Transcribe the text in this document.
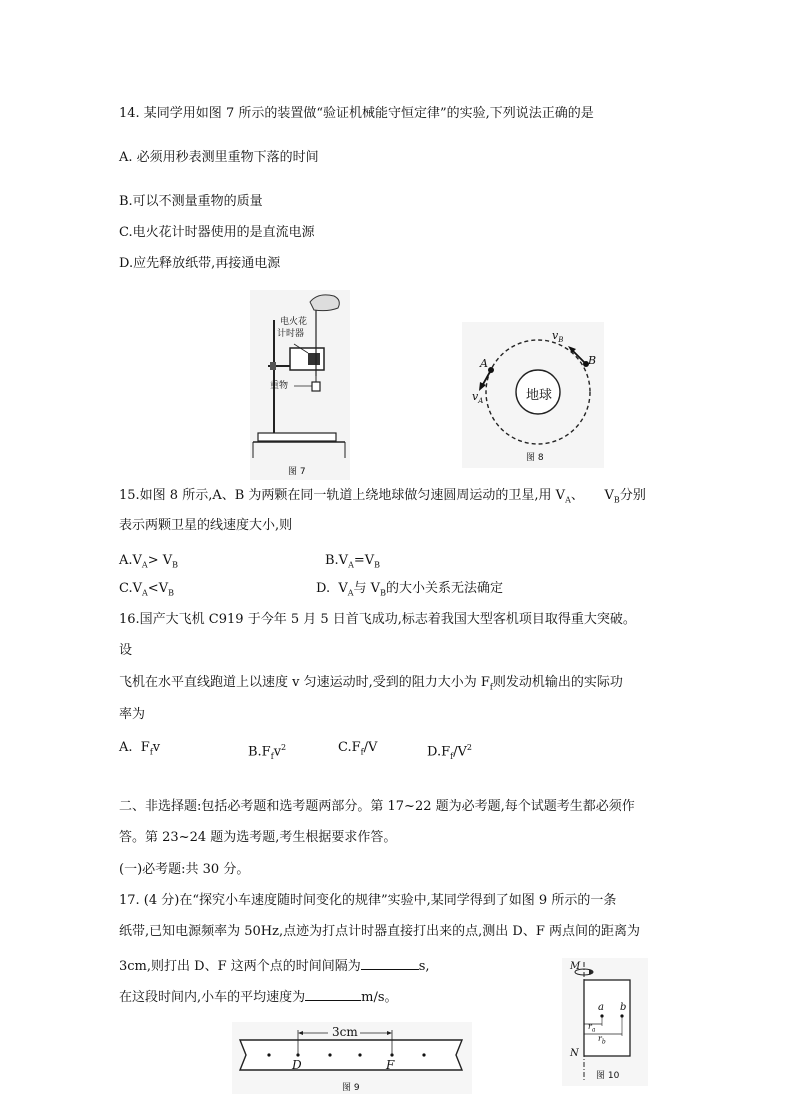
14. 某同学用如图 7 所示的装置做“验证机械能守恒定律”的实验,下列说法正确的是
A. 必须用秒表测里重物下落的时间
B.可以不测量重物的质量
C.电火花计时器使用的是直流电源
D.应先释放纸带,再接通电源
电火花
计时器
重物
图 7
地球
A	B
$v_A$
$v_B$
图 8
15.如图 8 所示,A、B 为两颗在同一轨道上绕地球做匀速圆周运动的卫星,用 $V_A$、     $V_B$分别
表示两颗卫星的线速度大小,则
$A.V_A> V_B$	$B.V_A=V_B$
$C.V_A<V_B$	D.  $V_A$与 $V_B$的大小关系无法确定
16.国产大飞机 C919 于今年 5 月 5 日首飞成功,标志着我国大型客机项目取得重大突破。
设
飞机在水平直线跑道上以速度 v 匀速运动时,受到的阻力大小为 $F_f$则发动机输出的实际功
率为
A.  $F_fv$	$B.F_fv^2$	$C.F_f/V$	$D.F_f/V^2$
二、非选择题:包括必考题和选考题两部分。第 17~22 题为必考题,每个试题考生都必须作
答。第 23~24 题为选考题,考生根据要求作答。
(一)必考题:共 30 分。
17. (4 分)在“探究小车速度随时间变化的规律”实验中,某同学得到了如图 9 所示的一条
纸带,已知电源频率为 50Hz,点迹为打点计时器直接打出来的点,测出 D、F 两点间的距离为
3cm,则打出 D、F 这两个点的时间间隔为	s,
在这段时间内,小车的平均速度为	m/s。
3cm
D	F
图 9
M
N
a b
$r_a$
$r_b$
图 10
